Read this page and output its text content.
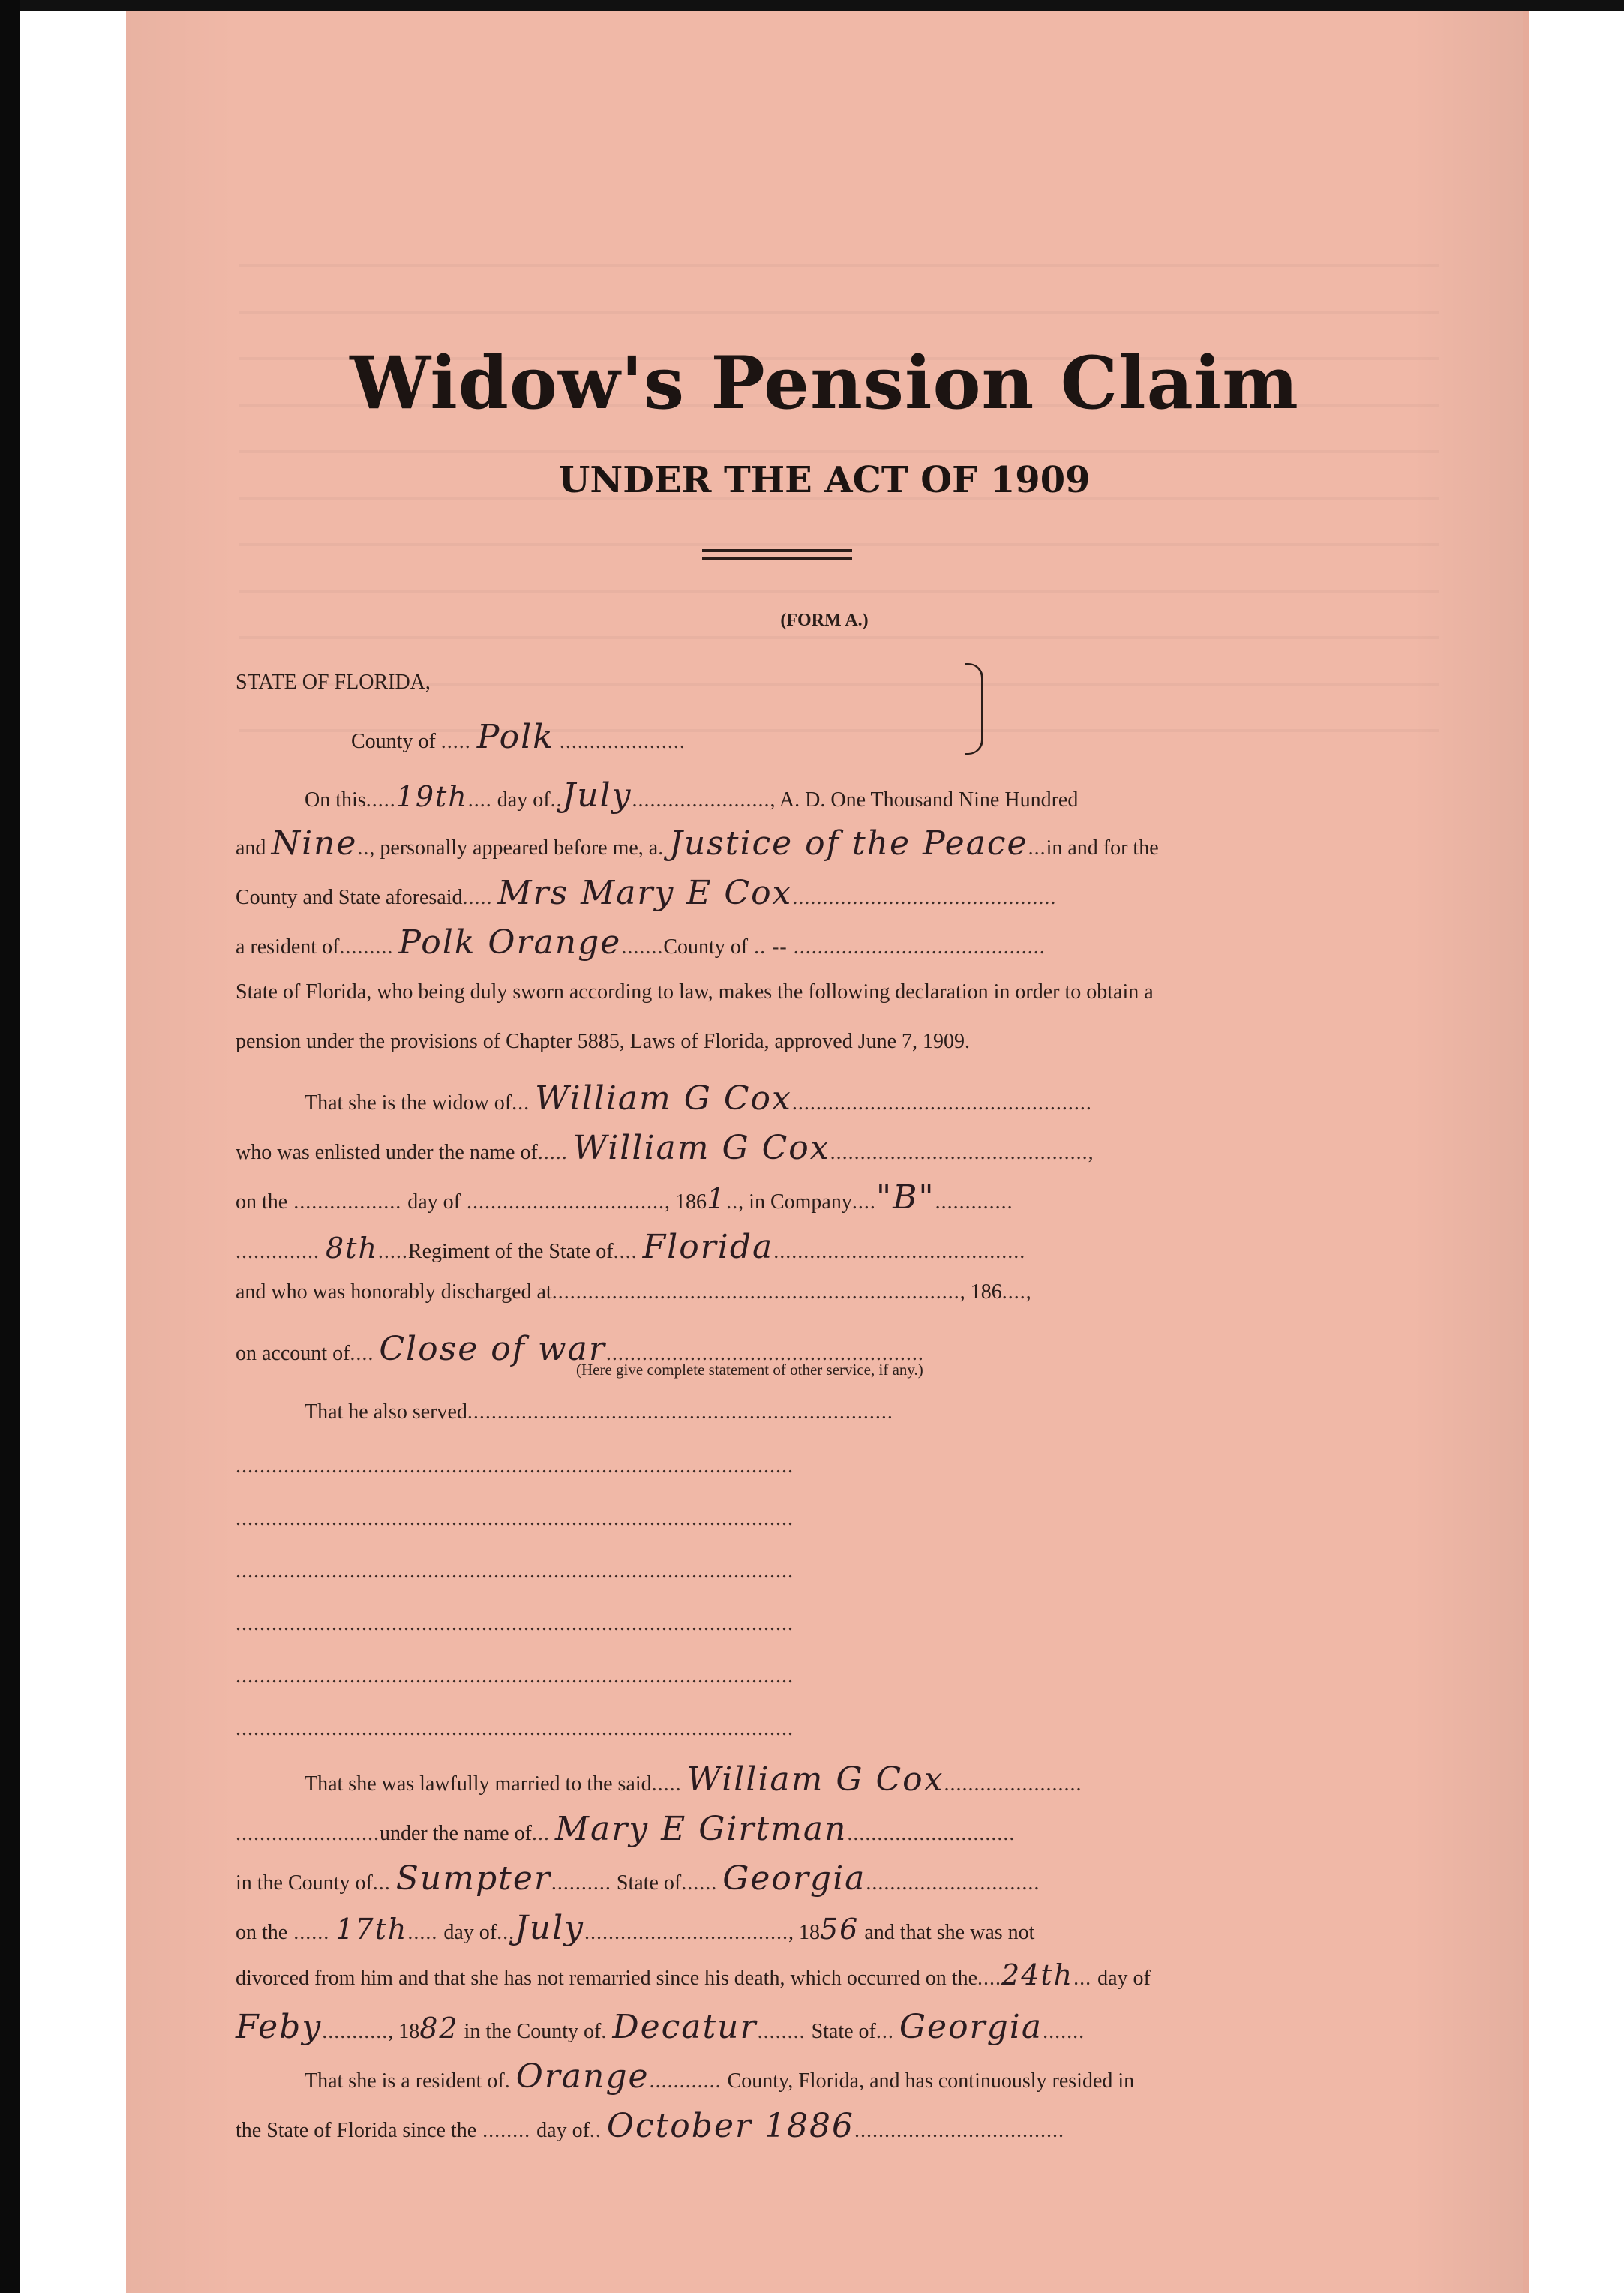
Widow's Pension Claim
UNDER THE ACT OF 1909
(FORM A.)
STATE OF FLORIDA,
County of ..... Polk .....................
On this.....19th.... day of..July......................., A. D. One Thousand Nine Hundred
and Nine.., personally appeared before me, a. Justice of the Peace...in and for the
County and State aforesaid..... Mrs Mary E Cox............................................
a resident of......... Polk Orange.......County of .. -- ..........................................
State of Florida, who being duly sworn according to law, makes the following declaration in order to obtain a
pension under the provisions of Chapter 5885, Laws of Florida, approved June 7, 1909.
That she is the widow of... William G Cox..................................................
who was enlisted under the name of..... William G Cox...........................................,
on the .................. day of ................................., 1861.., in Company...."B".............
.............. 8th.....Regiment of the State of.... Florida..........................................
and who was honorably discharged at...................................................................., 186....,
on account of.... Close of war.....................................................
(Here give complete statement of other service, if any.)
That he also served.......................................................................
.............................................................................................
.............................................................................................
.............................................................................................
.............................................................................................
.............................................................................................
.............................................................................................
That she was lawfully married to the said..... William G Cox.......................
........................under the name of... Mary E Girtman............................
in the County of... Sumpter.......... State of...... Georgia.............................
on the ...... 17th..... day of...July.................................., 1856 and that she was not
divorced from him and that she has not remarried since his death, which occurred on the....24th... day of
Feby..........., 1882 in the County of. Decatur........ State of... Georgia.......
That she is a resident of. Orange............ County, Florida, and has continuously resided in
the State of Florida since the ........ day of.. October 1886...................................
